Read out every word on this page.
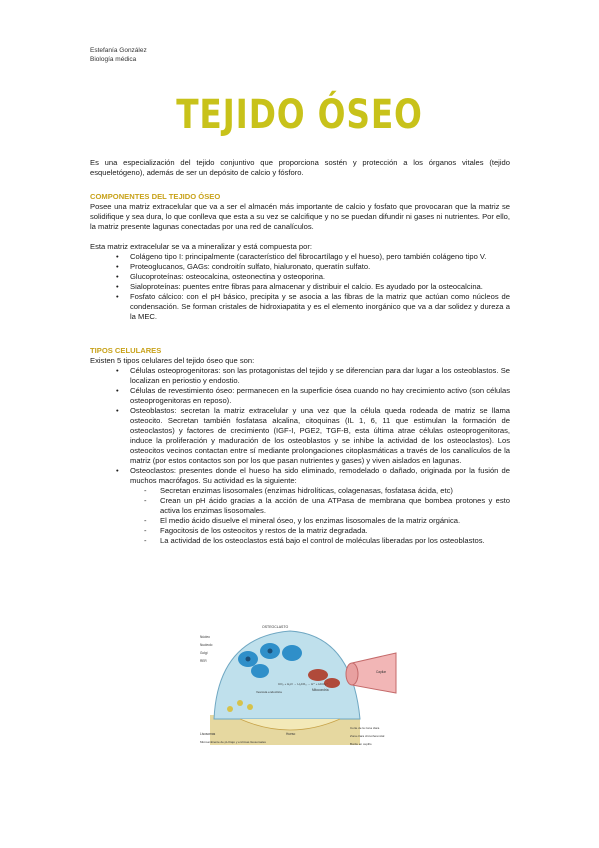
Estefanía González
Biología médica
TEJIDO ÓSEO

Es una especialización del tejido conjuntivo que proporciona sostén y protección a los órganos vitales (tejido esqueletógeno), además de ser un depósito de calcio y fósforo.

COMPONENTES DEL TEJIDO ÓSEO

Posee una matriz extracelular que va a ser el almacén más importante de calcio y fosfato que provocaran que la matriz se solidifique y sea dura, lo que conlleva que esta a su vez se calcifique y no se puedan difundir ni gases ni nutrientes. Por ello, la matriz presente lagunas conectadas por una red de canalículos.

Esta matriz extracelular se va a mineralizar y está compuesta por:

• Colágeno tipo I: principalmente (característico del fibrocartílago y el hueso), pero también colágeno tipo V.
• Proteoglucanos, GAGs: condroitín sulfato, hialuronato, queratín sulfato.
• Glucoproteínas: osteocalcina, osteonectina y osteoporina.
• Sialoproteínas: puentes entre fibras para almacenar y distribuir el calcio. Es ayudado por la osteocalcina.
• Fosfato cálcico: con el pH básico, precipita y se asocia a las fibras de la matriz que actúan como núcleos de condensación. Se forman cristales de hidroxiapatita y es el elemento inorgánico que va a dar solidez y dureza a la MEC.
TIPOS CELULARES

Existen 5 tipos celulares del tejido óseo que son:

• Células osteoprogenitoras: son las protagonistas del tejido y se diferencian para dar lugar a los osteoblastos. Se localizan en periostio y endostio.
• Células de revestimiento óseo: permanecen en la superficie ósea cuando no hay crecimiento activo (son células osteoprogenitoras en reposo).
• Osteoblastos: secretan la matriz extracelular y una vez que la célula queda rodeada de matriz se llama osteocito. Secretan también fosfatasa alcalina, citoquinas (IL 1, 6, 11 que estimulan la formación de osteoclastos) y factores de crecimiento (IGF-I, PGE2, TGF-B, esta última atrae células osteoprogenitoras, induce la proliferación y maduración de los osteoblastos y se inhibe la actividad de los osteoclastos). Los osteocitos vecinos contactan entre sí mediante prolongaciones citoplasmáticas a través de los canalículos de la matriz (por estos contactos son por los que pasan nutrientes y gases) y viven aislados en lagunas.
• Osteoclastos: presentes donde el hueso ha sido eliminado, remodelado o dañado, originada por la fusión de muchos macrófagos. Su actividad es la siguiente:
- Secretan enzimas lisosomales (enzimas hidrolíticas, colagenasas, fosfatasa ácida, etc)
- Crean un pH ácido gracias a la acción de una ATPasa de membrana que bombea protones y esto activa los enzimas lisosomales.
- El medio ácido disuelve el mineral óseo, y los enzimas lisosomales de la matriz orgánica.
- Fagocitosis de los osteocitos y restos de la matriz degradada.
- La actividad de los osteoclastos está bajo el control de moléculas liberadas por los osteoblastos.
OSTEOCLASTO
Núcleo
Nucleolo
Golgi
RER
Mitocondria
Capilar
Vesícula endocítica
CO₂ + H₂O → H₂CO₃ → H⁺ + HCO₃⁻
Lisosomas
Microambiente de pH bajo y enzimas lisosomales
Hueso
Corte de la zona clara
Zona clara circunferencial
Borde en cepillo
